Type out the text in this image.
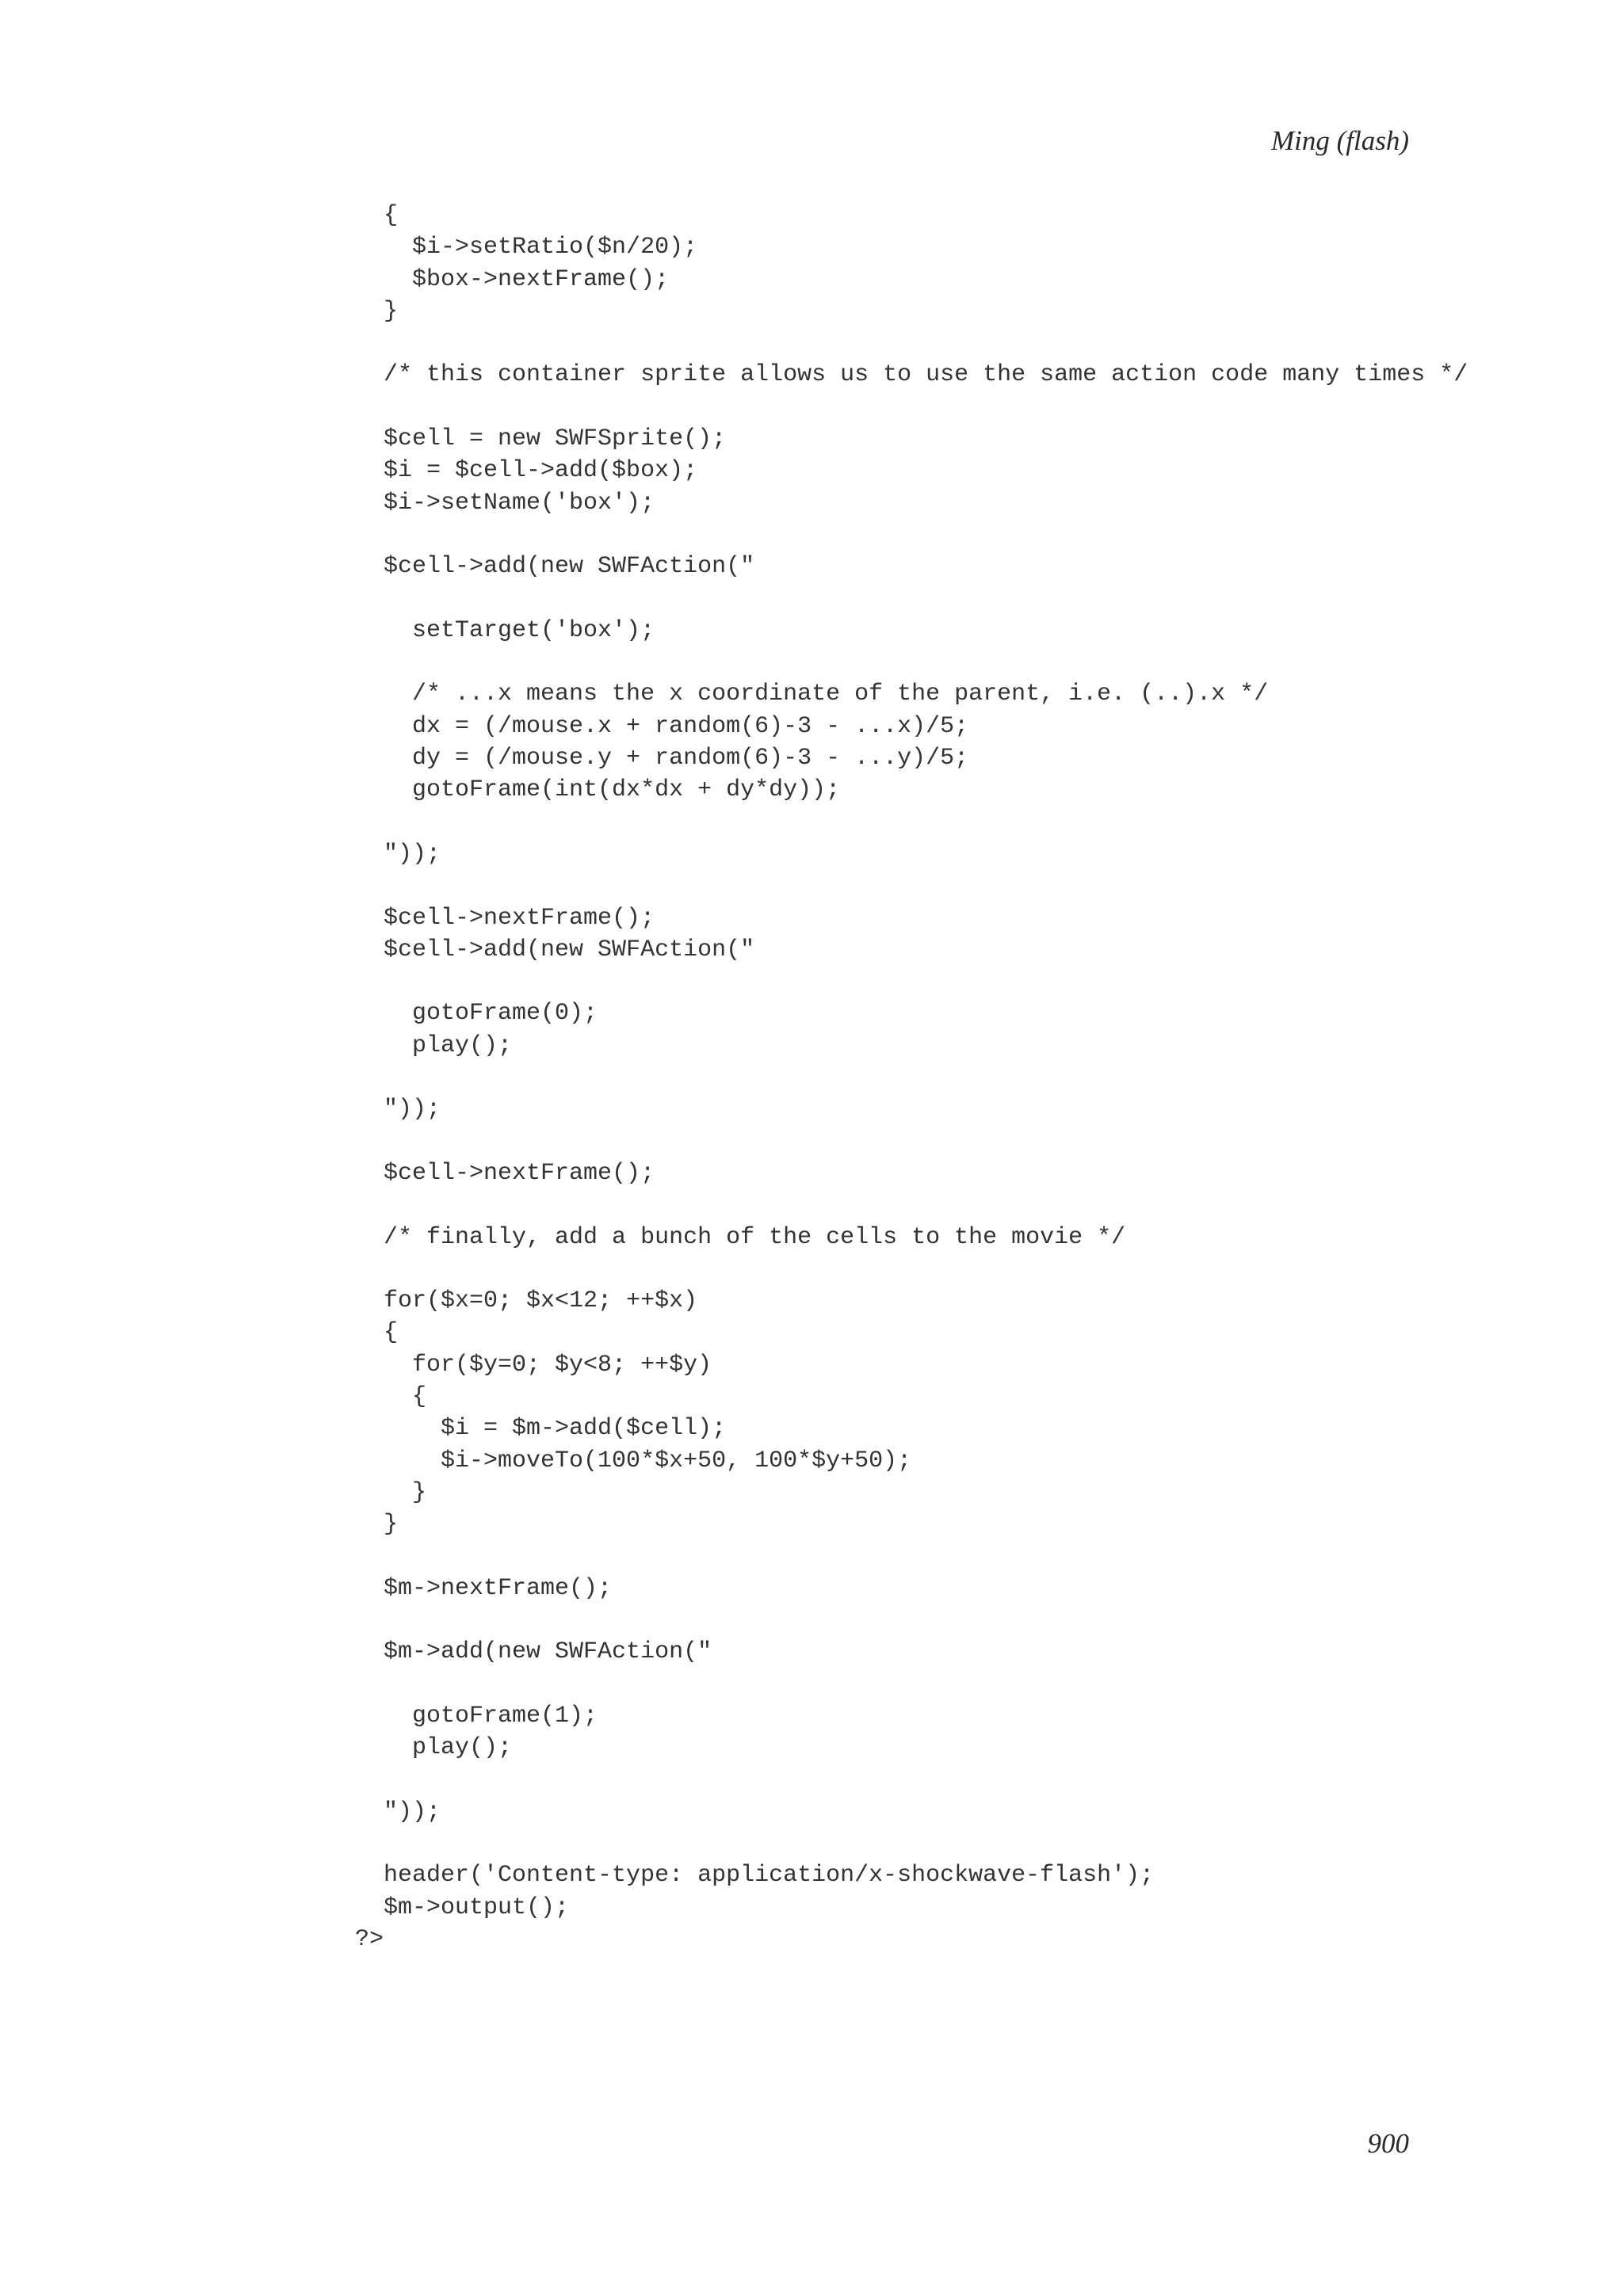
Ming (flash)

{
$i->setRatio($n/20);
$box->nextFrame();
}
/* this container sprite allows us to use the same action code many times */
$cell = new SWFSprite();
$i = $cell->add($box);
$i->setName('box');
$cell->add(new SWFAction("
setTarget('box');
/* ...x means the x coordinate of the parent, i.e. (..).x */
dx = (/mouse.x + random(6)-3 - ...x)/5;
dy = (/mouse.y + random(6)-3 - ...y)/5;
gotoFrame(int(dx*dx + dy*dy));
"));
$cell->nextFrame();
$cell->add(new SWFAction("
gotoFrame(0);
play();
"));
$cell->nextFrame();
/* finally, add a bunch of the cells to the movie */
for($x=0; $x<12; ++$x)
{
for($y=0; $y<8; ++$y)
{
$i = $m->add($cell);
$i->moveTo(100*$x+50, 100*$y+50);
}
}
$m->nextFrame();
$m->add(new SWFAction("
gotoFrame(1);
play();
"));
header('Content-type: application/x-shockwave-flash');
$m->output();
?>

900
